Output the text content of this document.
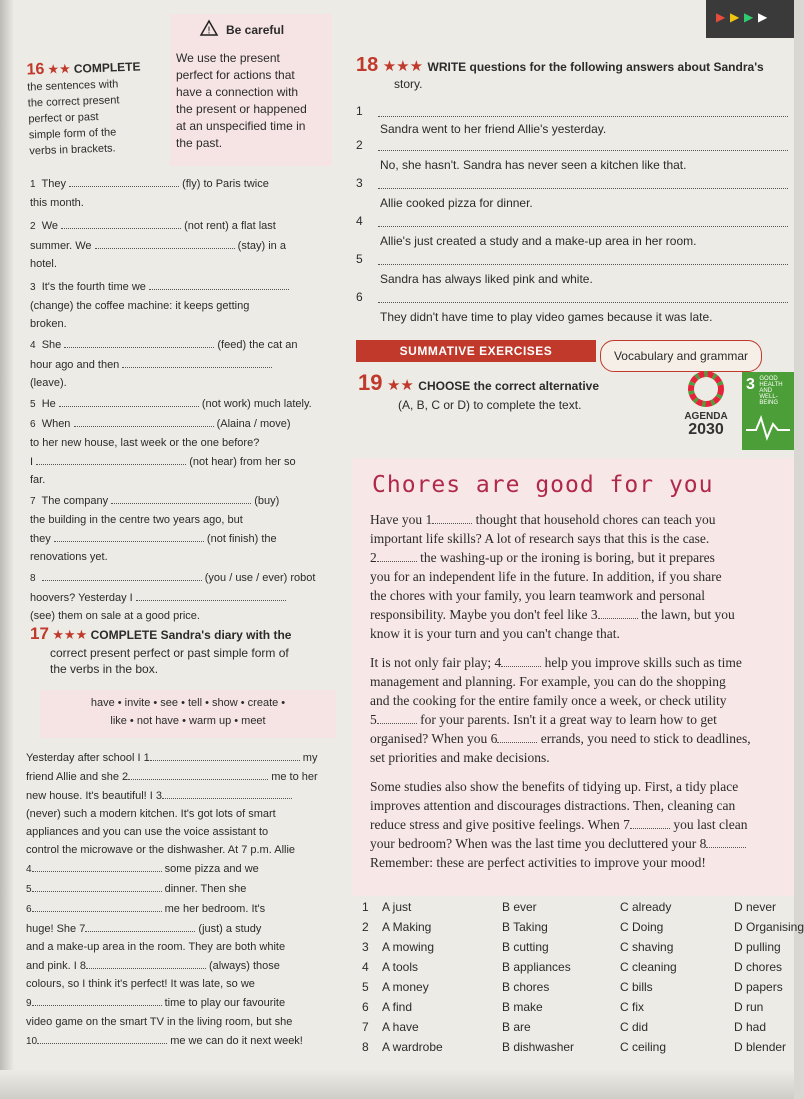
▶ ▶ ▶ ▶
! Be careful
We use the present
perfect for actions that
have a connection with
the present or happened
at an unspecified time in
the past.
16 ★★ COMPLETE
the sentences with
the correct present
perfect or past
simple form of the
verbs in brackets.
1 They	(fly) to Paris twice
this month.
2 We	(not rent) a flat last
summer. We	(stay) in a
hotel.
3 It's the fourth time we
(change) the coffee machine: it keeps getting
broken.
4 She	(feed) the cat an
hour ago and then
(leave).
5 He	(not work) much lately.
6 When	(Alaina / move)
to her new house, last week or the one before?
I	(not hear) from her so
far.
7 The company	(buy)
the building in the centre two years ago, but
they	(not finish) the
renovations yet.
8	(you / use / ever) robot
hoovers? Yesterday I
(see) them on sale at a good price.
17 ★★★ COMPLETE Sandra's diary with the
correct present perfect or past simple form of
the verbs in the box.
have • invite • see • tell • show • create •
like • not have • warm up • meet
Yesterday after school I 1	my
friend Allie and she 2	me to her
new house. It's beautiful! I 3
(never) such a modern kitchen. It's got lots of smart
appliances and you can use the voice assistant to
control the microwave or the dishwasher. At 7 p.m. Allie
4	some pizza and we
5	dinner. Then she
6	me her bedroom. It's
huge! She 7	(just) a study
and a make-up area in the room. They are both white
and pink. I 8	(always) those
colours, so I think it's perfect! It was late, so we
9	time to play our favourite
video game on the smart TV in the living room, but she
10	me we can do it next week!
18 ★★★ WRITE questions for the following answers about Sandra's
story.
1
Sandra went to her friend Allie's yesterday.
2
No, she hasn't. Sandra has never seen a kitchen like that.
3
Allie cooked pizza for dinner.
4
Allie's just created a study and a make-up area in her room.
5
Sandra has always liked pink and white.
6
They didn't have time to play video games because it was late.
SUMMATIVE EXERCISES	Vocabulary and grammar
19 ★★ CHOOSE the correct alternative
(A, B, C or D) to complete the text.
AGENDA
2030
3 GOOD HEALTH AND WELL-BEING
Chores are good for you
Have you 1	thought that household chores can teach you
important life skills? A lot of research says that this is the case.
2	the washing-up or the ironing is boring, but it prepares
you for an independent life in the future. In addition, if you share
the chores with your family, you learn teamwork and personal
responsibility. Maybe you don't feel like 3	the lawn, but you
know it is your turn and you can't change that.
It is not only fair play; 4	help you improve skills such as time
management and planning. For example, you can do the shopping
and the cooking for the entire family once a week, or check utility
5	for your parents. Isn't it a great way to learn how to get
organised? When you 6	errands, you need to stick to deadlines,
set priorities and make decisions.
Some studies also show the benefits of tidying up. First, a tidy place
improves attention and discourages distractions. Then, cleaning can
reduce stress and give positive feelings. When 7	you last clean
your bedroom? When was the last time you decluttered your 8
Remember: these are perfect activities to improve your mood!
1 A just	B ever	C already	D never
2 A Making	B Taking	C Doing	D Organising
3 A mowing	B cutting	C shaving	D pulling
4 A tools	B appliances	C cleaning	D chores
5 A money	B chores	C bills	D papers
6 A find	B make	C fix	D run
7 A have	B are	C did	D had
8 A wardrobe	B dishwasher	C ceiling	D blender
